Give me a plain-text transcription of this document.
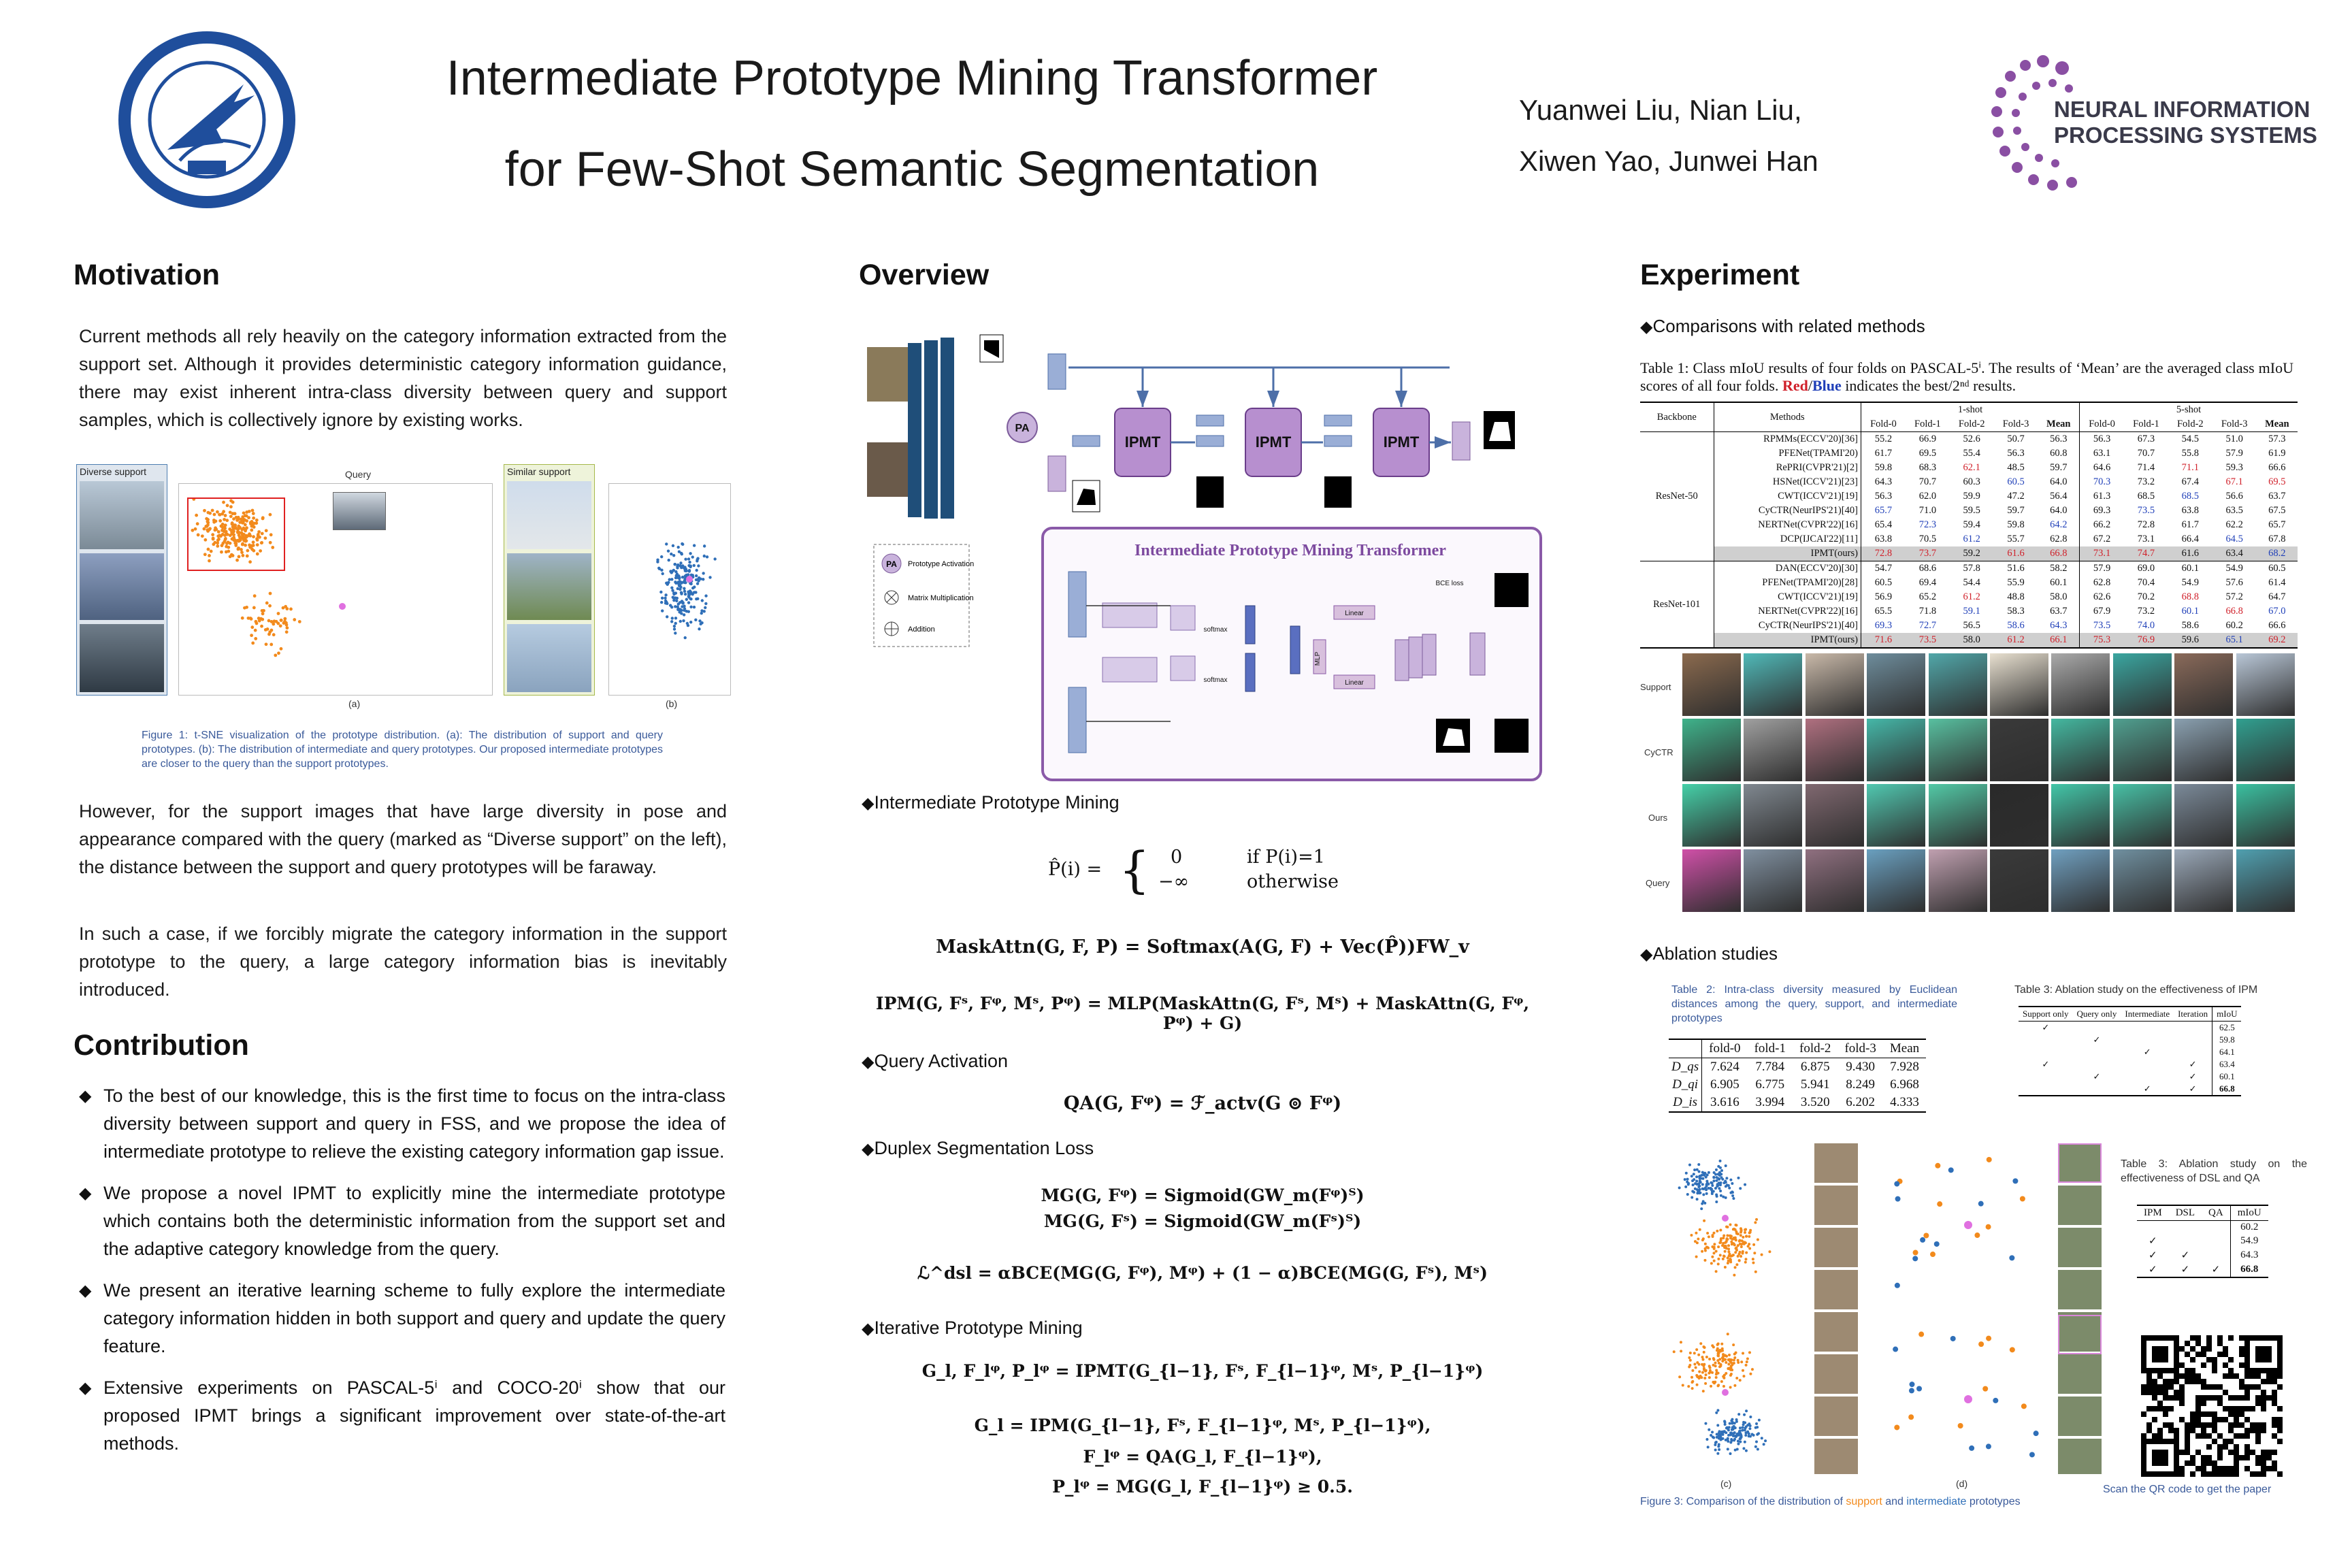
Intermediate Prototype Mining Transformer
for Few-Shot Semantic Segmentation
Yuanwei Liu, Nian Liu,
Xiwen Yao, Junwei Han
NEURAL INFORMATION
PROCESSING SYSTEMS
Motivation
Current methods all rely heavily on the category information extracted from the support set. Although it provides deterministic category information guidance, there may exist inherent intra-class diversity between query and support samples, which is collectively ignore by existing works.
Diverse support	Query	Similar support
(a)	(b)
Figure 1: t-SNE visualization of the prototype distribution. (a): The distribution of support and query prototypes. (b): The distribution of intermediate and query prototypes. Our proposed intermediate prototypes are closer to the query than the support prototypes.
However, for the support images that have large diversity in pose and appearance compared with the query (marked as “Diverse support” on the left), the distance between the support and query prototypes will be faraway.
In such a case, if we forcibly migrate the category information in the support prototype to the query, a large category information bias is inevitably introduced.
Contribution
◆ To the best of our knowledge, this is the first time to focus on the intra-class diversity between support and query in FSS, and we propose the idea of intermediate prototype to relieve the existing category information gap issue.
◆ We propose a novel IPMT to explicitly mine the intermediate prototype which contains both the deterministic information from the support set and the adaptive category knowledge from the query.
◆ We present an iterative learning scheme to fully explore the intermediate category information hidden in both support and query and update the query feature.
◆ Extensive experiments on PASCAL-5ⁱ and COCO-20ⁱ show that our proposed IPMT brings a significant improvement over state-of-the-art methods.
Overview
IPMT	IPMT	IPMT
PA
PA Prototype Activation
Matrix Multiplication
Addition
Intermediate Prototype Mining Transformer
Linear
Linear
softmax
softmax
MLP
BCE loss
◆ Intermediate Prototype Mining
P̂(i) = { 0	if P(i)=1
−∞	otherwise
MaskAttn(G, F, P) = Softmax(A(G, F) + Vec(P̂))FW_v
IPM(G, Fˢ, Fᵠ, Mˢ, Pᵠ) = MLP(MaskAttn(G, Fˢ, Mˢ) + MaskAttn(G, Fᵠ, Pᵠ) + G)
◆ Query Activation
QA(G, Fᵠ) = ℱ_actv(G ⊚ Fᵠ)
◆ Duplex Segmentation Loss
MG(G, Fᵠ) = Sigmoid(GW_m(Fᵠ)ᵀ)
MG(G, Fˢ) = Sigmoid(GW_m(Fˢ)ᵀ)
ℒ^dsl = αBCE(MG(G, Fᵠ), Mᵠ) + (1 − α)BCE(MG(G, Fˢ), Mˢ)
◆ Iterative Prototype Mining
G_l, F_lᵠ, P_lᵠ = IPMT(G_{l−1}, Fˢ, F_{l−1}ᵠ, Mˢ, P_{l−1}ᵠ)
G_l = IPM(G_{l−1}, Fˢ, F_{l−1}ᵠ, Mˢ, P_{l−1}ᵠ),
F_lᵠ = QA(G_l, F_{l−1}ᵠ),
P_lᵠ = MG(G_l, F_{l−1}ᵠ) ≥ 0.5.
Experiment
◆ Comparisons with related methods
Table 1: Class mIoU results of four folds on PASCAL-5ⁱ. The results of ‘Mean’ are the averaged class mIoU scores of all four folds. Red/Blue indicates the best/2ⁿᵈ results.
Backbone	Methods	1-shot					5-shot				
		Fold-0	Fold-1	Fold-2	Fold-3	Mean	Fold-0	Fold-1	Fold-2	Fold-3	Mean
ResNet-50	RPMMs(ECCV'20)[36]	55.2	66.9	52.6	50.7	56.3	56.3	67.3	54.5	51.0	57.3
	PFENet(TPAMI'20)	61.7	69.5	55.4	56.3	60.8	63.1	70.7	55.8	57.9	61.9
	RePRI(CVPR'21)[2]	59.8	68.3	62.1	48.5	59.7	64.6	71.4	71.1	59.3	66.6
	HSNet(ICCV'21)[23]	64.3	70.7	60.3	60.5	64.0	70.3	73.2	67.4	67.1	69.5
	CWT(ICCV'21)[19]	56.3	62.0	59.9	47.2	56.4	61.3	68.5	68.5	56.6	63.7
	CyCTR(NeurIPS'21)[40]	65.7	71.0	59.5	59.7	64.0	69.3	73.5	63.8	63.5	67.5
	NERTNet(CVPR'22)[16]	65.4	72.3	59.4	59.8	64.2	66.2	72.8	61.7	62.2	65.7
	DCP(IJCAI'22)[11]	63.8	70.5	61.2	55.7	62.8	67.2	73.1	66.4	64.5	67.8
	IPMT(ours)	72.8	73.7	59.2	61.6	66.8	73.1	74.7	61.6	63.4	68.2
ResNet-101	DAN(ECCV'20)[30]	54.7	68.6	57.8	51.6	58.2	57.9	69.0	60.1	54.9	60.5
	PFENet(TPAMI'20)[28]	60.5	69.4	54.4	55.9	60.1	62.8	70.4	54.9	57.6	61.4
	CWT(ICCV'21)[19]	56.9	65.2	61.2	48.8	58.0	62.6	70.2	68.8	57.2	64.7
	NERTNet(CVPR'22)[16]	65.5	71.8	59.1	58.3	63.7	67.9	73.2	60.1	66.8	67.0
	CyCTR(NeurIPS'21)[40]	69.3	72.7	56.5	58.6	64.3	73.5	74.0	58.6	60.2	66.6
	IPMT(ours)	71.6	73.5	58.0	61.2	66.1	75.3	76.9	59.6	65.1	69.2
Support
CyCTR
Ours
Query
◆ Ablation studies
Table 2: Intra-class diversity measured by Euclidean distances among the query, support, and intermediate prototypes
	fold-0	fold-1	fold-2	fold-3	Mean
D_qs	7.624	7.784	6.875	9.430	7.928
D_qi	6.905	6.775	5.941	8.249	6.968
D_is	3.616	3.994	3.520	6.202	4.333
Table 3: Ablation study on the effectiveness of IPM
Support only	Query only	Intermediate	Iteration	mIoU
✓				62.5
	✓			59.8
		✓		64.1
✓			✓	63.4
	✓		✓	60.1
		✓	✓	66.8
(c)	(d)
Figure 3: Comparison of the distribution of support and intermediate prototypes
Table 3: Ablation study on the effectiveness of DSL and QA
IPM	DSL	QA	mIoU
			60.2
✓			54.9
✓	✓		64.3
✓	✓	✓	66.8
Scan the QR code to get the paper
